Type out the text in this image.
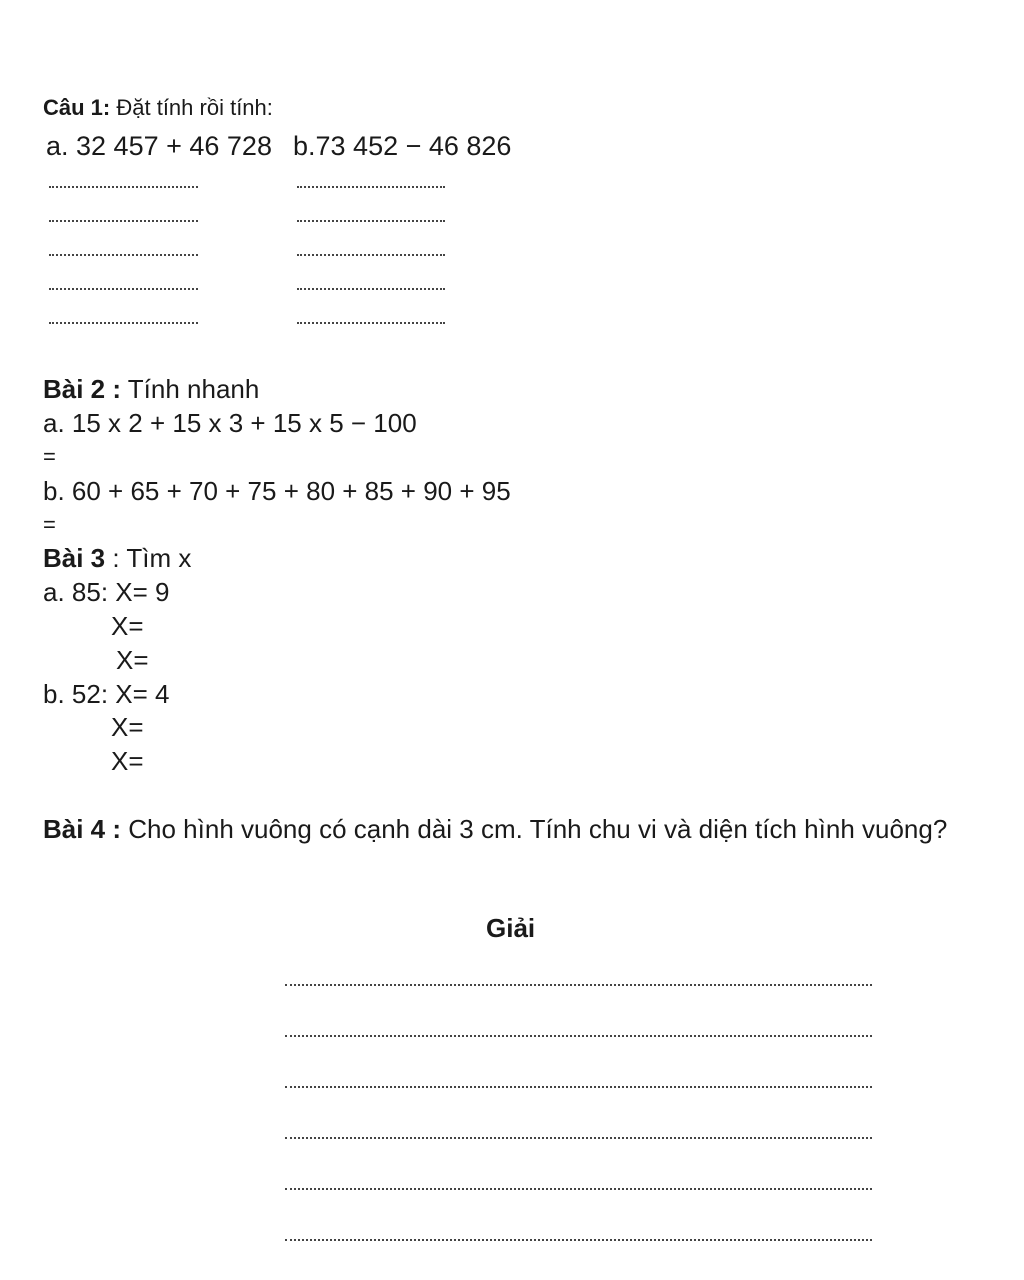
Câu 1: Đặt tính rồi tính:
a. 32 457 + 46 728 b.73 452 − 46 826
Bài 2 : Tính nhanh
a. 15 x 2 + 15 x 3 + 15 x 5 − 100
=
b. 60 + 65 + 70 + 75 + 80 + 85 + 90 + 95
=
Bài 3 : Tìm x
a. 85: X= 9
X=
X=
b. 52: X= 4
X=
X=
Bài 4 : Cho hình vuông có cạnh dài 3 cm. Tính chu vi và diện tích hình vuông?
Giải
